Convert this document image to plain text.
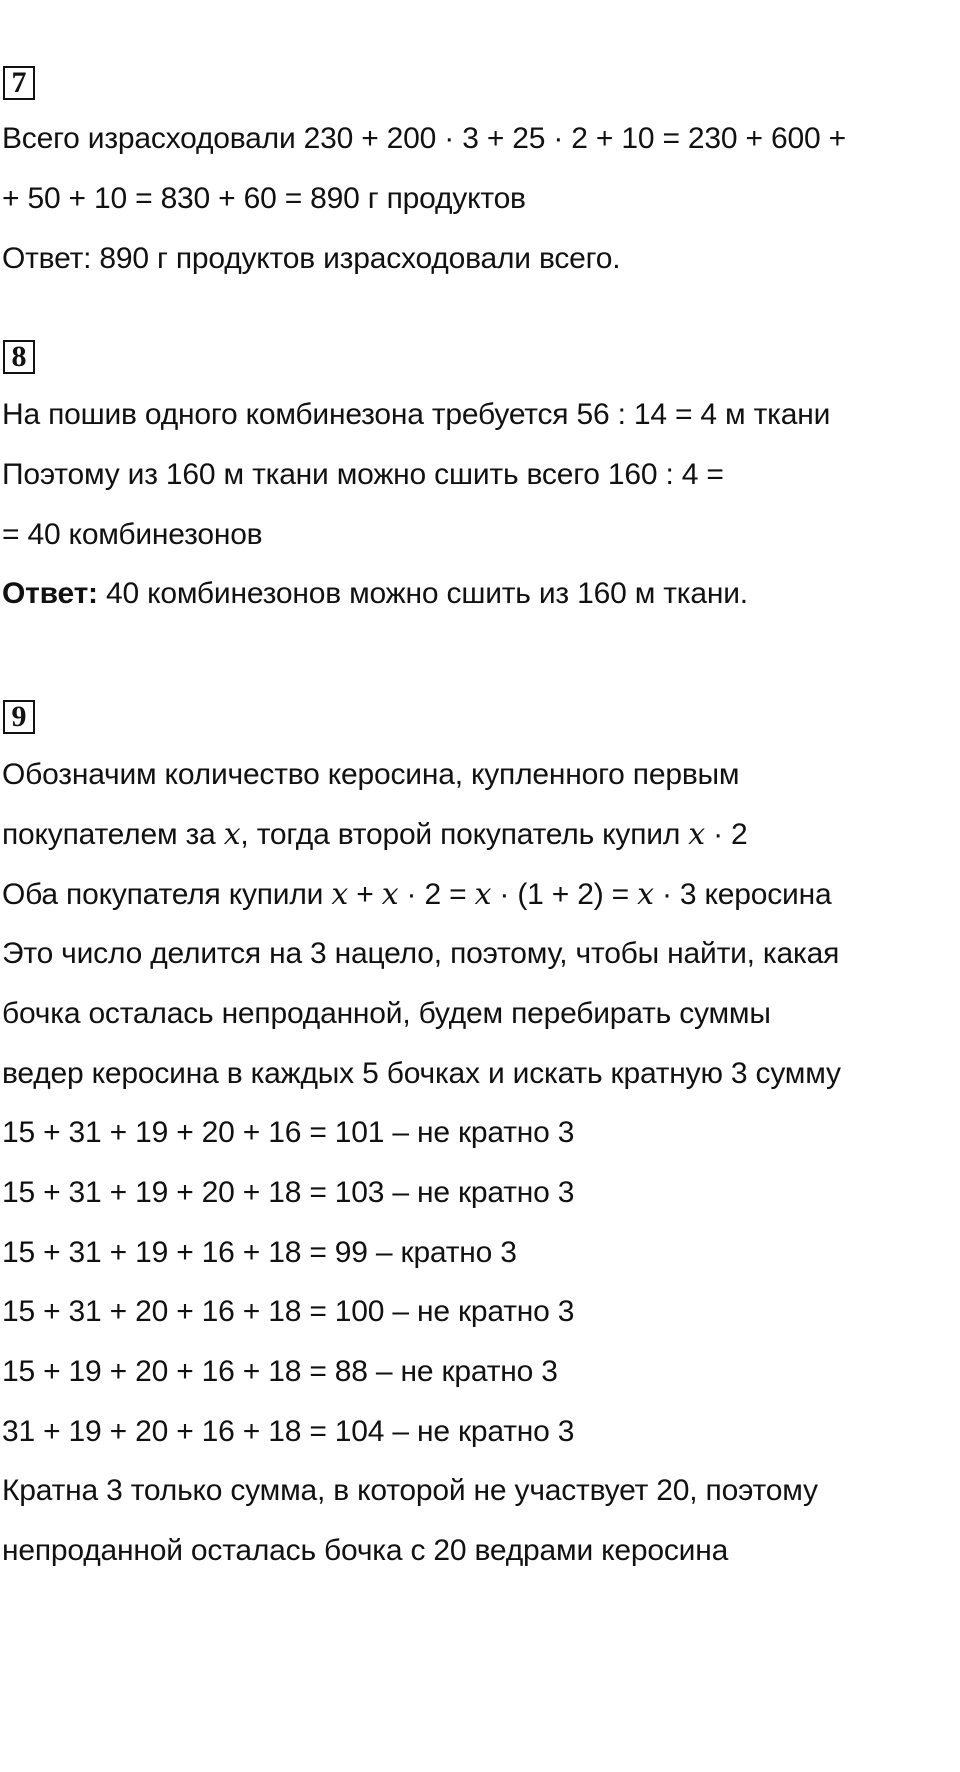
7
Всего израсходовали 230 + 200 · 3 + 25 · 2 + 10 = 230 + 600 +
+ 50 + 10 = 830 + 60 = 890 г продуктов
Ответ: 890 г продуктов израсходовали всего.
8
На пошив одного комбинезона требуется 56 : 14 = 4 м ткани
Поэтому из 160 м ткани можно сшить всего 160 : 4 =
= 40 комбинезонов
Ответ: 40 комбинезонов можно сшить из 160 м ткани.
9
Обозначим количество керосина, купленного первым
покупателем за 𝑥, тогда второй покупатель купил 𝑥 · 2
Оба покупателя купили 𝑥 + 𝑥 · 2 = 𝑥 · (1 + 2) = 𝑥 · 3 керосина
Это число делится на 3 нацело, поэтому, чтобы найти, какая
бочка осталась непроданной, будем перебирать суммы
ведер керосина в каждых 5 бочках и искать кратную 3 сумму
15 + 31 + 19 + 20 + 16 = 101 – не кратно 3
15 + 31 + 19 + 20 + 18 = 103 – не кратно 3
15 + 31 + 19 + 16 + 18 = 99 – кратно 3
15 + 31 + 20 + 16 + 18 = 100 – не кратно 3
15 + 19 + 20 + 16 + 18 = 88 – не кратно 3
31 + 19 + 20 + 16 + 18 = 104 – не кратно 3
Кратна 3 только сумма, в которой не участвует 20, поэтому
непроданной осталась бочка с 20 ведрами керосина
